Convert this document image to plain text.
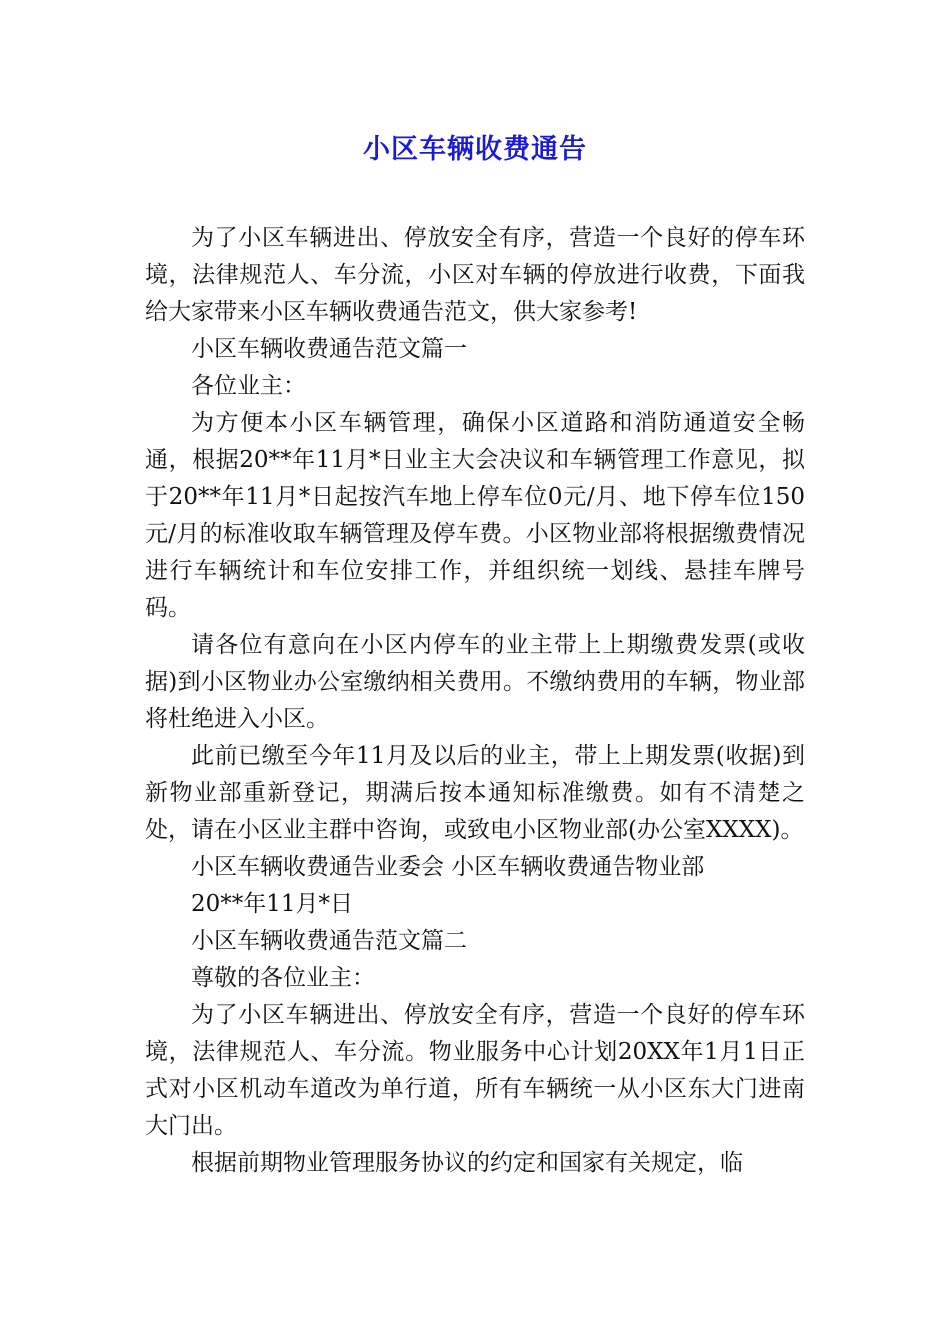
小区车辆收费通告

为了小区车辆进出、停放安全有序，营造一个良好的停车环境，法律规范人、车分流，小区对车辆的停放进行收费，下面我给大家带来小区车辆收费通告范文，供大家参考!

小区车辆收费通告范文篇一

各位业主：

为方便本小区车辆管理，确保小区道路和消防通道安全畅通，根据20**年11月*日业主大会决议和车辆管理工作意见，拟于20**年11月*日起按汽车地上停车位0元/月、地下停车位150元/月的标准收取车辆管理及停车费。小区物业部将根据缴费情况进行车辆统计和车位安排工作，并组织统一划线、悬挂车牌号码。

请各位有意向在小区内停车的业主带上上期缴费发票(或收据)到小区物业办公室缴纳相关费用。不缴纳费用的车辆，物业部将杜绝进入小区。

此前已缴至今年11月及以后的业主，带上上期发票(收据)到新物业部重新登记，期满后按本通知标准缴费。如有不清楚之处，请在小区业主群中咨询，或致电小区物业部(办公室XXXX)。

小区车辆收费通告业委会 小区车辆收费通告物业部

20**年11月*日

小区车辆收费通告范文篇二

尊敬的各位业主：

为了小区车辆进出、停放安全有序，营造一个良好的停车环境，法律规范人、车分流。物业服务中心计划20XX年1月1日正式对小区机动车道改为单行道，所有车辆统一从小区东大门进南大门出。

根据前期物业管理服务协议的约定和国家有关规定，临
